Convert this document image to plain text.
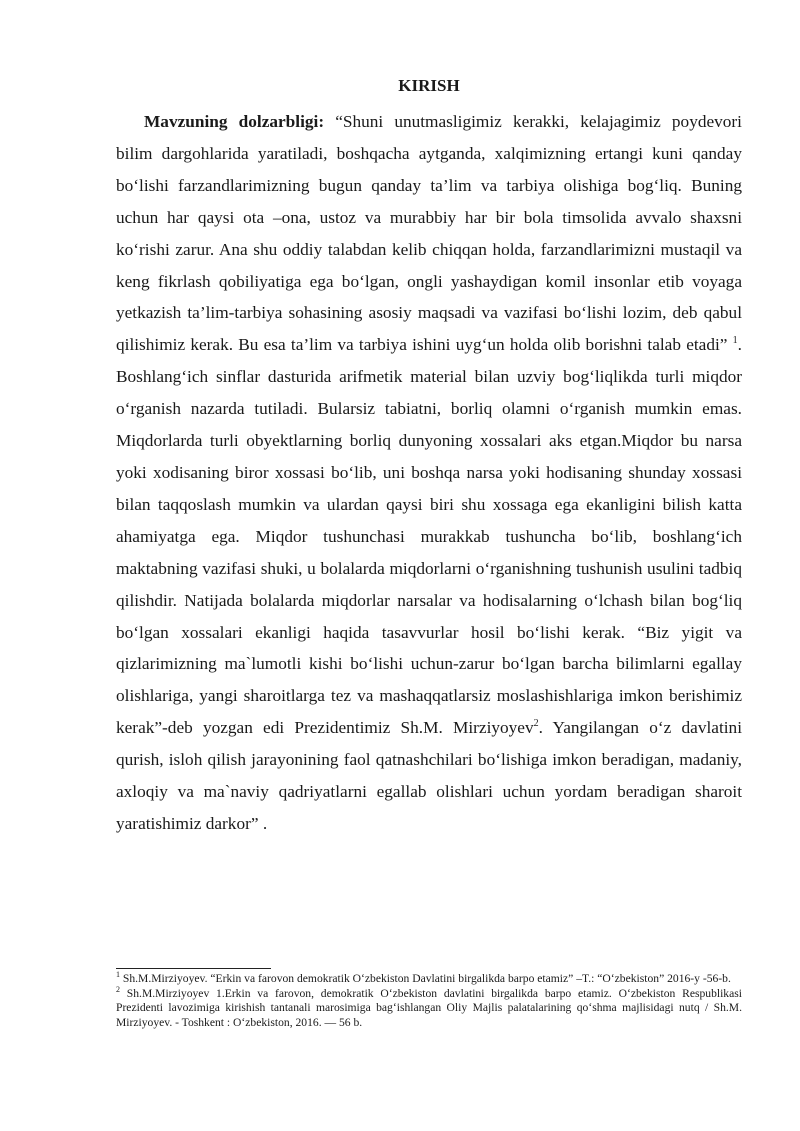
KIRISH

Mavzuning dolzarbligi: “Shuni unutmasligimiz kerakki, kelajagimiz poydevori bilim dargohlarida yaratiladi, boshqacha aytganda, xalqimizning ertangi kuni qanday bo‘lishi farzandlarimizning bugun qanday ta’lim va tarbiya olishiga bog‘liq. Buning uchun har qaysi ota –ona, ustoz va murabbiy har bir bola timsolida avvalo shaxsni ko‘rishi zarur. Ana shu oddiy talabdan kelib chiqqan holda, farzandlarimizni mustaqil va keng fikrlash qobiliyatiga ega bo‘lgan, ongli yashaydigan komil insonlar etib voyaga yetkazish ta’lim-tarbiya sohasining asosiy maqsadi va vazifasi bo‘lishi lozim, deb qabul qilishimiz kerak. Bu esa ta’lim va tarbiya ishini uyg‘un holda olib borishni talab etadi” $^1$. Boshlang‘ich sinflar dasturida arifmetik material bilan uzviy bog‘liqlikda turli miqdor o‘rganish nazarda tutiladi. Bularsiz tabiatni, borliq olamni o‘rganish mumkin emas. Miqdorlarda turli obyektlarning borliq dunyoning xossalari aks etgan.Miqdor bu narsa yoki xodisaning biror xossasi bo‘lib, uni boshqa narsa yoki hodisaning shunday xossasi bilan taqqoslash mumkin va ulardan qaysi biri shu xossaga ega ekanligini bilish katta ahamiyatga ega. Miqdor tushunchasi murakkab tushuncha bo‘lib, boshlang‘ich maktabning vazifasi shuki, u bolalarda miqdorlarni o‘rganishning tushunish usulini tadbiq qilishdir. Natijada bolalarda miqdorlar narsalar va hodisalarning o‘lchash bilan bog‘liq bo‘lgan xossalari ekanligi haqida tasavvurlar hosil bo‘lishi kerak. “Biz yigit va qizlarimizning ma`lumotli kishi bo‘lishi uchun-zarur bo‘lgan barcha bilimlarni egallay olishlariga, yangi sharoitlarga tez va mashaqqatlarsiz moslashishlariga imkon berishimiz kerak”-deb yozgan edi Prezidentimiz Sh.M. Mirziyoyev$^2$. Yangilangan o‘z davlatini qurish, isloh qilish jarayonining faol qatnashchilari bo‘lishiga imkon beradigan, madaniy, axloqiy va ma`naviy qadriyatlarni egallab olishlari uchun yordam beradigan sharoit yaratishimiz darkor” .

$^1$ Sh.M.Mirziyoyev. “Erkin va farovon demokratik O‘zbekiston Davlatini birgalikda barpo etamiz” –T.: “O‘zbekiston” 2016-y -56-b.

$^2$ Sh.M.Mirziyoyev 1.Erkin va farovon, demokratik O‘zbekiston davlatini birgalikda barpo etamiz. O‘zbekiston Respublikasi Prezidenti lavozimiga kirishish tantanali marosimiga bag‘ishlangan Oliy Majlis palatalarining qo‘shma majlisidagi nutq / Sh.M. Mirziyoyev. - Toshkent : O‘zbekiston, 2016. — 56 b.
